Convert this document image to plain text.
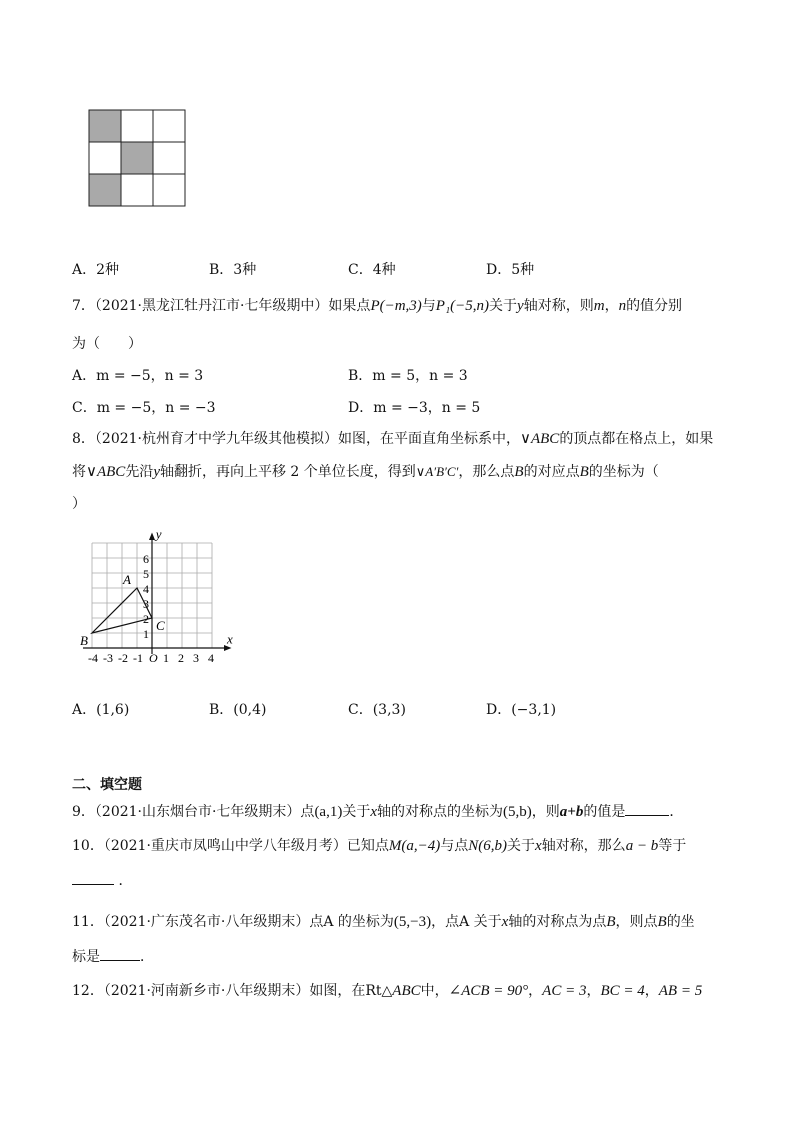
A．2种	B．3种	C．4种	D．5种
7．（2021·黑龙江牡丹江市·七年级期中）如果点P(−m,3)与P₁(−5,n)关于y轴对称，则m，n的值分别
为（　　）
A．m = −5，n = 3	B．m = 5，n = 3
C．m = −5，n = −3	D．m = −3，n = 5
8．（2021·杭州育才中学九年级其他模拟）如图，在平面直角坐标系中，∨ABC的顶点都在格点上，如果
将∨ABC先沿y轴翻折，再向上平移 2 个单位长度，得到∨A′B′C′，那么点B的对应点B的坐标为（
）
x
y
-4 -3 -2 -1 O 1 2 3 4
1
2
3
4
5
6
A
B
C
A．(1,6)	B．(0,4)	C．(3,3)	D．(−3,1)
二、填空题
9．（2021·山东烟台市·七年级期末）点(a,1)关于x轴的对称点的坐标为(5,b)，则a+b的值是	．
10．（2021·重庆市凤鸣山中学八年级月考）已知点M(a,−4)与点N(6,b)关于x轴对称，那么a − b等于
．
11．（2021·广东茂名市·八年级期末）点A 的坐标为(5,−3)，点A 关于x轴的对称点为点B，则点B的坐
标是	．
12．（2021·河南新乡市·八年级期末）如图，在Rt△ABC中，∠ACB = 90°，AC = 3，BC = 4，AB = 5
